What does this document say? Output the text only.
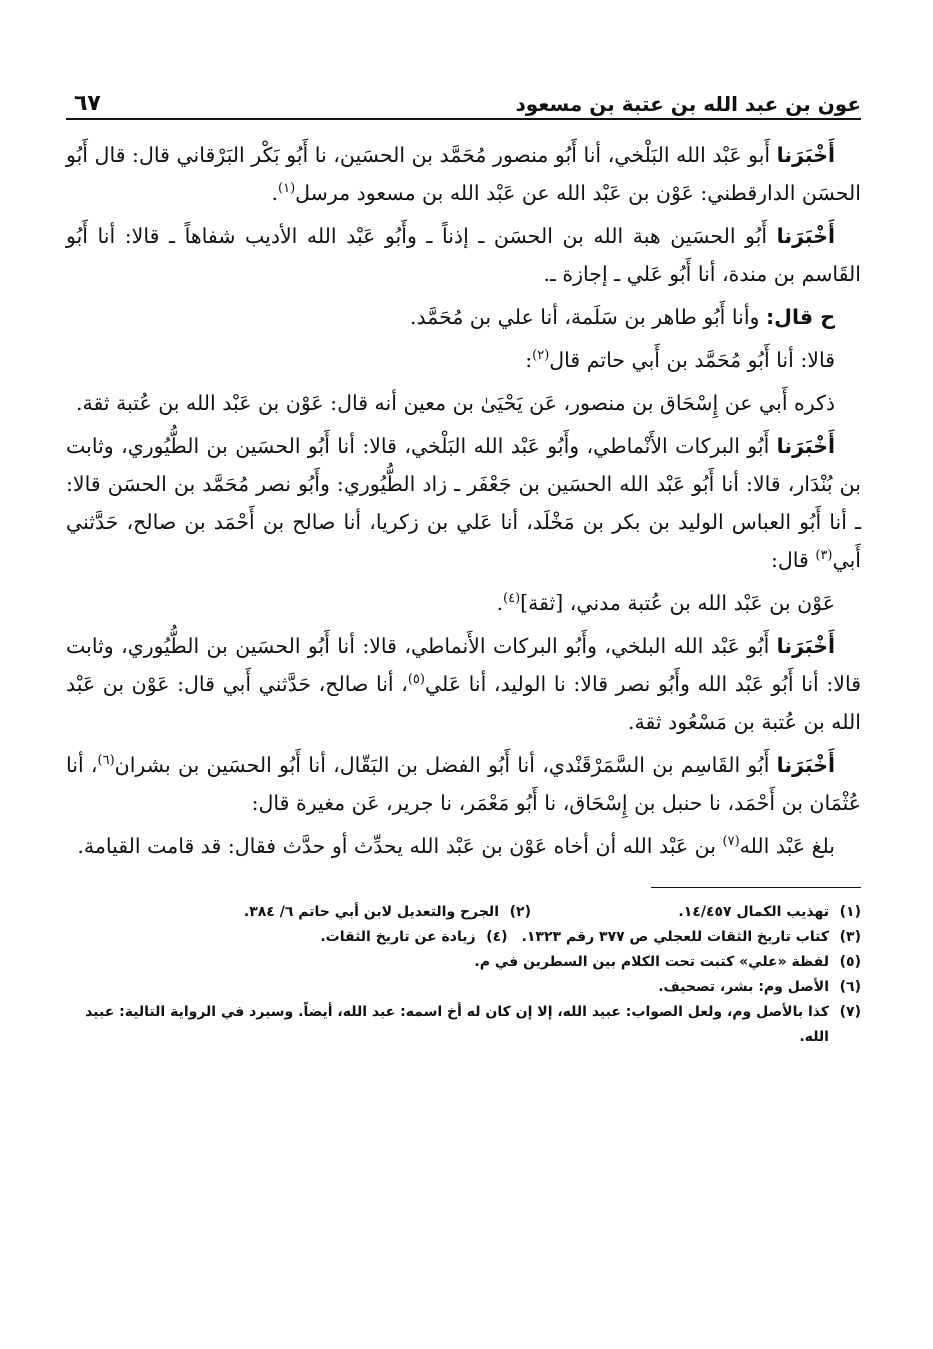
عون بن عبد الله بن عتبة بن مسعود
٦٧

أَخْبَرَنا أَبو عَبْد الله البَلْخي، أنا أَبُو منصور مُحَمَّد بن الحسَين، نا أَبُو بَكْر البَرْقاني قال: قال أَبُو الحسَن الدارقطني: عَوْن بن عَبْد الله عن عَبْد الله بن مسعود مرسل$^{(١)}$.

أَخْبَرَنا أَبُو الحسَين هبة الله بن الحسَن ـ إذناً ـ وأَبُو عَبْد الله الأديب شفاهاً ـ قالا: أنا أَبُو القَاسم بن مندة، أنا أَبُو عَلي ـ إجازة ـ.

ح قال: وأنا أَبُو طاهر بن سَلَمة، أنا علي بن مُحَمَّد.

قالا: أنا أَبُو مُحَمَّد بن أَبي حاتم قال$^{(٢)}$:

ذكره أَبي عن إِسْحَاق بن منصور، عَن يَحْيَىٰ بن معين أنه قال: عَوْن بن عَبْد الله بن عُتبة ثقة.

أَخْبَرَنا أَبُو البركات الأَنْماطي، وأَبُو عَبْد الله البَلْخي، قالا: أنا أَبُو الحسَين بن الطُّيُوري، وثابت بن بُنْدَار، قالا: أنا أَبُو عَبْد الله الحسَين بن جَعْفَر ـ زاد الطُّيُوري: وأَبُو نصر مُحَمَّد بن الحسَن قالا: ـ أنا أَبُو العباس الوليد بن بكر بن مَخْلَد، أنا عَلي بن زكريا، أنا صالح بن أَحْمَد بن صالح، حَدَّثني أَبي$^{(٣)}$ قال:

عَوْن بن عَبْد الله بن عُتبة مدني، [ثقة]$^{(٤)}$.

أَخْبَرَنا أَبُو عَبْد الله البلخي، وأَبُو البركات الأَنماطي، قالا: أنا أَبُو الحسَين بن الطُّيُوري، وثابت قالا: أنا أَبُو عَبْد الله وأَبُو نصر قالا: نا الوليد، أنا عَلي$^{(٥)}$، أنا صالح، حَدَّثني أَبي قال: عَوْن بن عَبْد الله بن عُتبة بن مَسْعُود ثقة.

أَخْبَرَنا أَبُو القَاسِم بن السَّمَرْقَنْدي، أنا أَبُو الفضل بن البَقّال، أنا أَبُو الحسَين بن بشران$^{(٦)}$، أنا عُثْمَان بن أَحْمَد، نا حنبل بن إِسْحَاق، نا أَبُو مَعْمَر، نا جرير، عَن مغيرة قال:

بلغ عَبْد الله$^{(٧)}$ بن عَبْد الله أن أخاه عَوْن بن عَبْد الله يحدِّث أو حدَّث فقال: قد قامت القيامة.

(١)
تهذيب الكمال ١٤/٤٥٧.
(٢)
الجرح والتعديل لابن أبي حاتم ٦/ ٣٨٤.
(٣)
كتاب تاريخ الثقات للعجلي ص ٣٧٧ رقم ١٣٢٣.
(٤)
زيادة عن تاريخ الثقات.
(٥)
لفظة «علي» كتبت تحت الكلام بين السطرين في م.
(٦)
الأصل وم: بشر، تصحيف.
(٧)
كذا بالأصل وم، ولعل الصواب: عبيد الله، إلا إن كان له أخ اسمه: عبد الله، أيضاً. وسيرد في الرواية التالية: عبيد الله.
